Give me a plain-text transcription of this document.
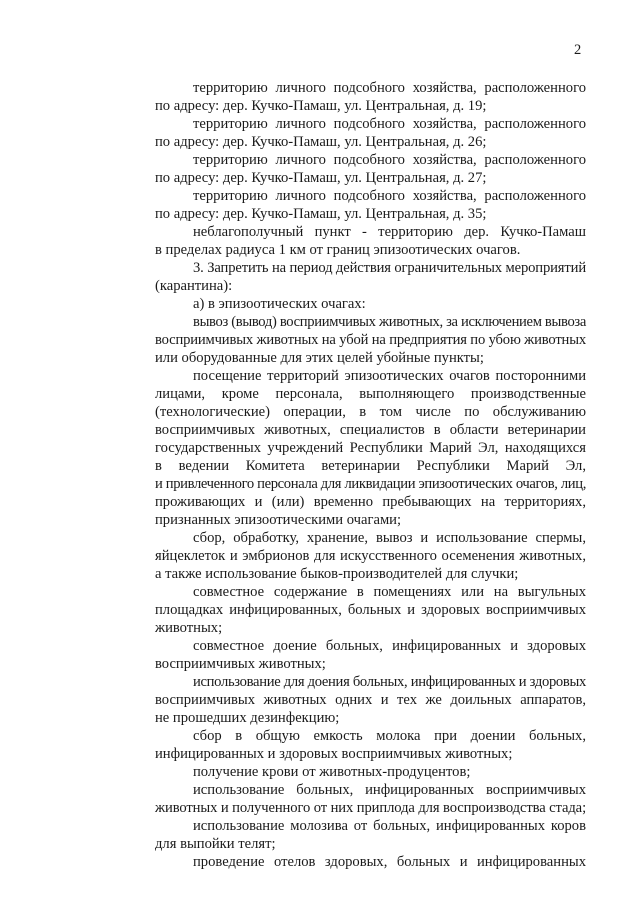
2
территорию личного подсобного хозяйства, расположенного
по адресу: дер. Кучко-Памаш, ул. Центральная, д. 19;
территорию личного подсобного хозяйства, расположенного
по адресу: дер. Кучко-Памаш, ул. Центральная, д. 26;
территорию личного подсобного хозяйства, расположенного
по адресу: дер. Кучко-Памаш, ул. Центральная, д. 27;
территорию личного подсобного хозяйства, расположенного
по адресу: дер. Кучко-Памаш, ул. Центральная, д. 35;
неблагополучный пункт - территорию дер. Кучко-Памаш
в пределах радиуса 1 км от границ эпизоотических очагов.
3. Запретить на период действия ограничительных мероприятий
(карантина):
а) в эпизоотических очагах:
вывоз (вывод) восприимчивых животных, за исключением вывоза
восприимчивых животных на убой на предприятия по убою животных
или оборудованные для этих целей убойные пункты;
посещение территорий эпизоотических очагов посторонними
лицами, кроме персонала, выполняющего производственные
(технологические) операции, в том числе по обслуживанию
восприимчивых животных, специалистов в области ветеринарии
государственных учреждений Республики Марий Эл, находящихся
в ведении Комитета ветеринарии Республики Марий Эл,
и привлеченного персонала для ликвидации эпизоотических очагов, лиц,
проживающих и (или) временно пребывающих на территориях,
признанных эпизоотическими очагами;
сбор, обработку, хранение, вывоз и использование спермы,
яйцеклеток и эмбрионов для искусственного осеменения животных,
а также использование быков-производителей для случки;
совместное содержание в помещениях или на выгульных
площадках инфицированных, больных и здоровых восприимчивых
животных;
совместное доение больных, инфицированных и здоровых
восприимчивых животных;
использование для доения больных, инфицированных и здоровых
восприимчивых животных одних и тех же доильных аппаратов,
не прошедших дезинфекцию;
сбор в общую емкость молока при доении больных,
инфицированных и здоровых восприимчивых животных;
получение крови от животных-продуцентов;
использование больных, инфицированных восприимчивых
животных и полученного от них приплода для воспроизводства стада;
использование молозива от больных, инфицированных коров
для выпойки телят;
проведение отелов здоровых, больных и инфицированных
